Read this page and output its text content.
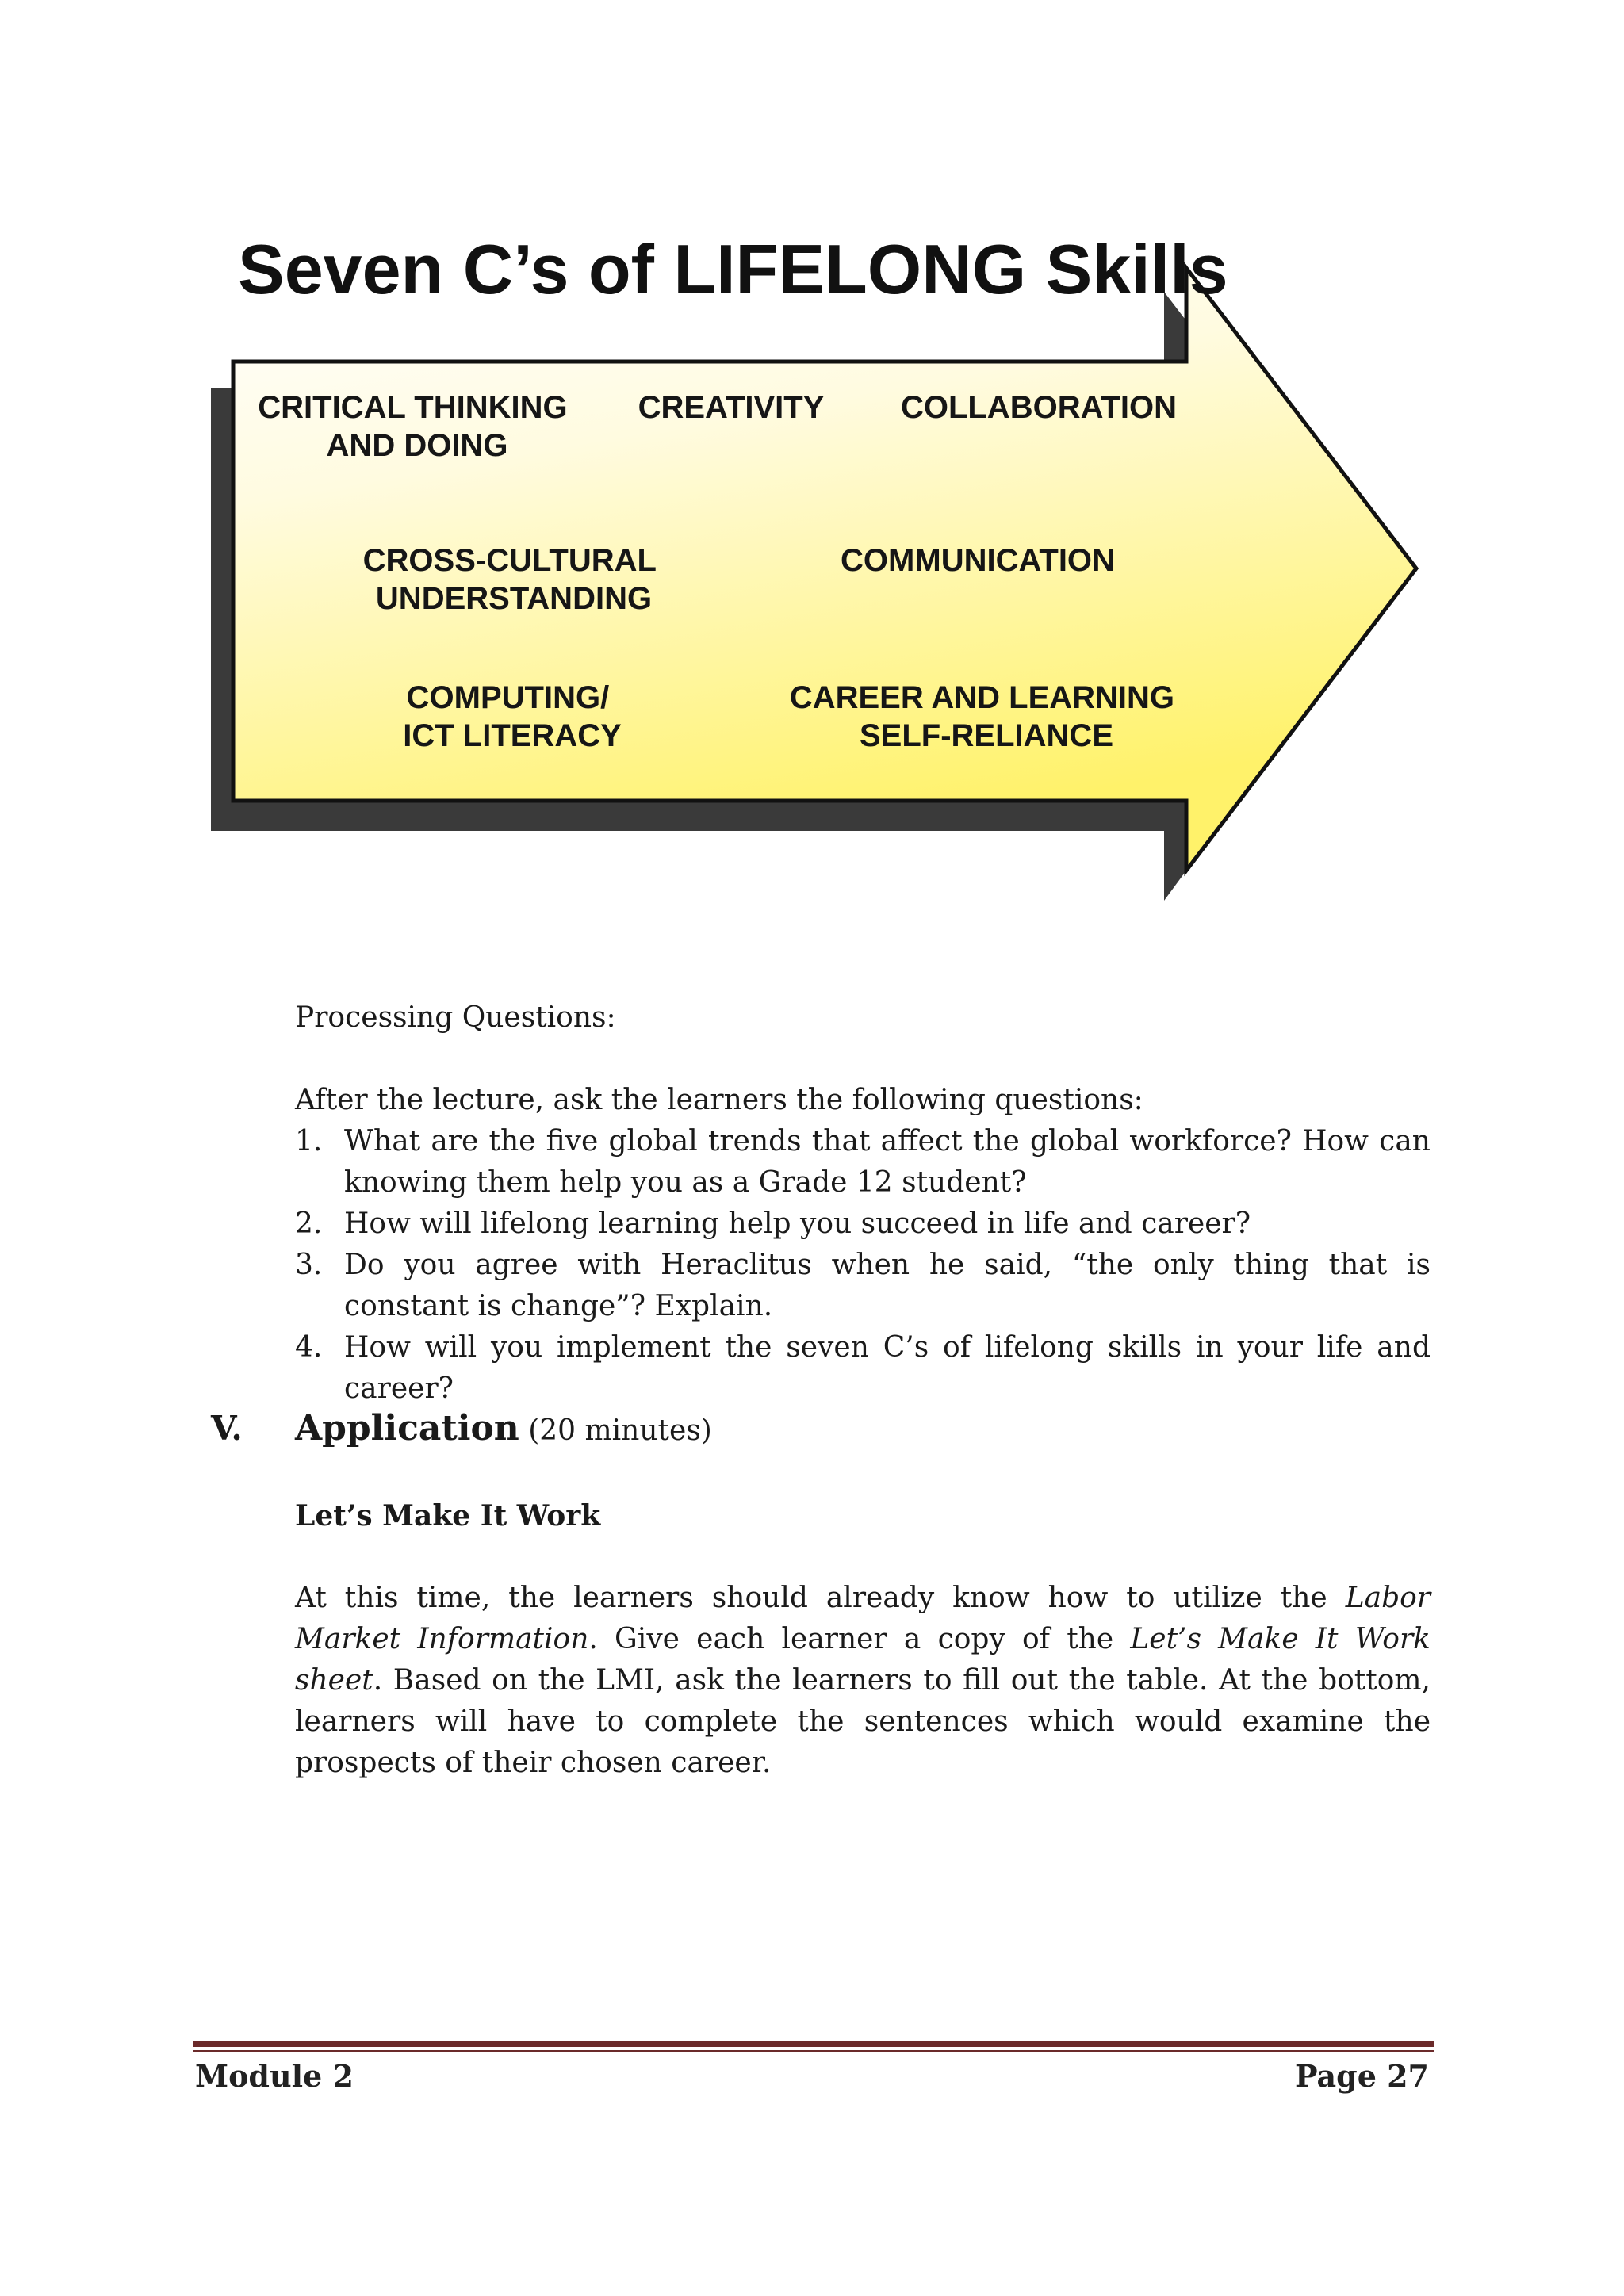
Seven C’s of LIFELONG Skills
CRITICAL THINKING AND DOING
CREATIVITY COLLABORATION
CROSS-CULTURAL UNDERSTANDING
COMMUNICATION
COMPUTING/ ICT LITERACY
CAREER AND LEARNING SELF-RELIANCE
Processing Questions:
After the lecture, ask the learners the following questions:
1. What are the five global trends that affect the global workforce? How can knowing them help you as a Grade 12 student?
2. How will lifelong learning help you succeed in life and career?
3. Do you agree with Heraclitus when he said, “the only thing that is constant is change”? Explain.
4. How will you implement the seven C’s of lifelong skills in your life and career?
V. Application (20 minutes)
Let’s Make It Work
At this time, the learners should already know how to utilize the Labor Market Information. Give each learner a copy of the Let’s Make It Work sheet. Based on the LMI, ask the learners to fill out the table. At the bottom, learners will have to complete the sentences which would examine the prospects of their chosen career.
Module 2	Page 27
